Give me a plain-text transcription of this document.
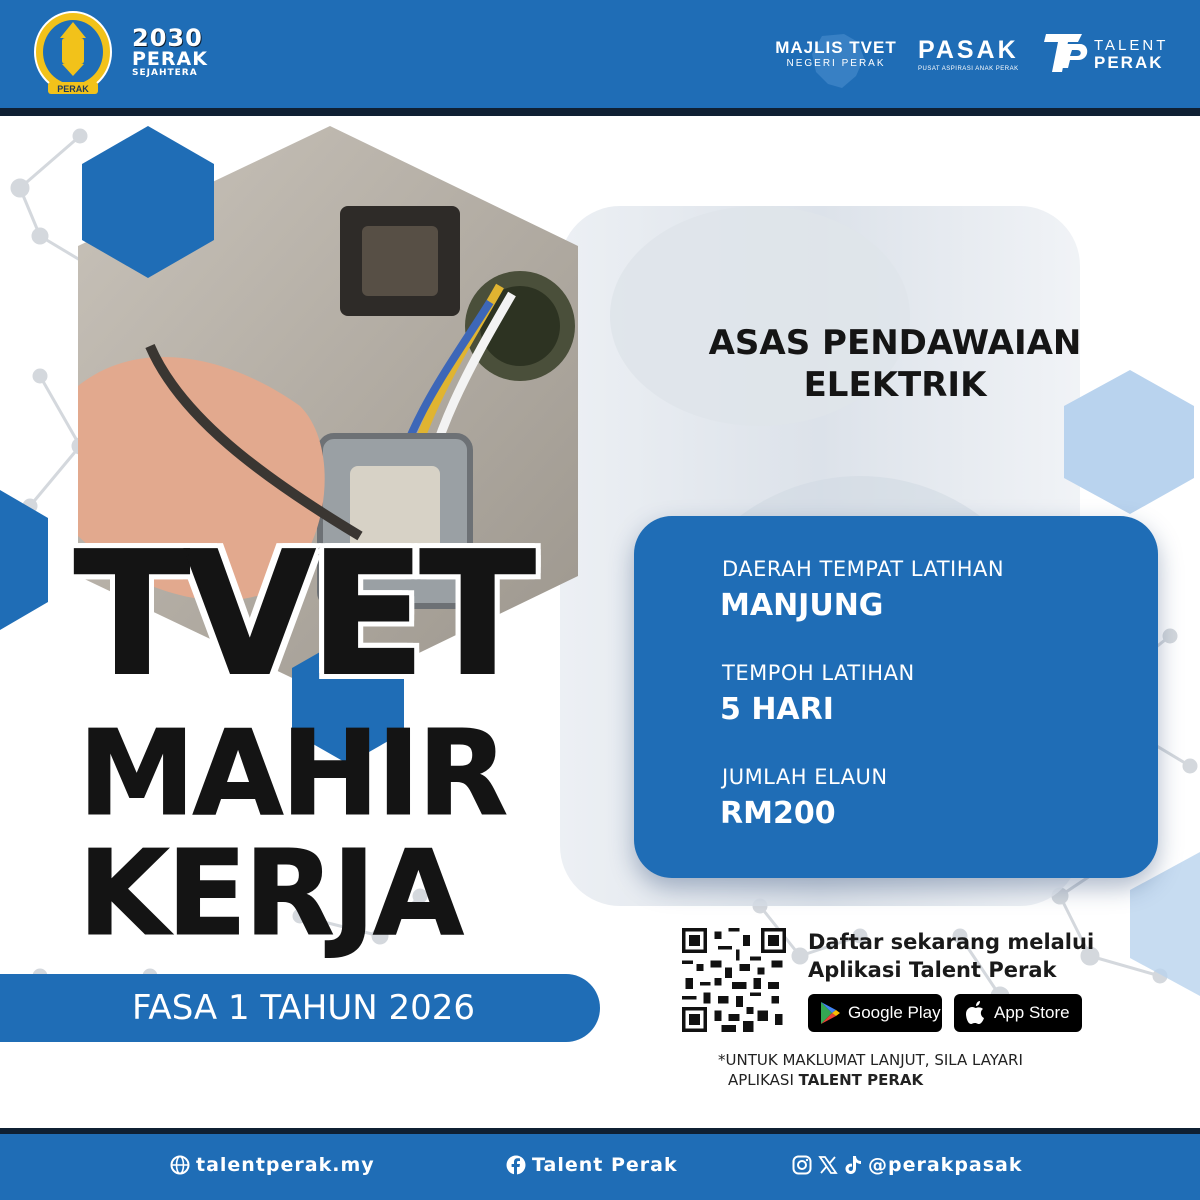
PERAK
2030
PERAK
SEJAHTERA
MAJLIS TVET
NEGERI PERAK	PASAK
PUSAT ASPIRASI ANAK PERAK
TALENT
PERAK
ASAS PENDAWAIAN
ELEKTRIK
DAERAH TEMPAT LATIHAN
MANJUNG
TEMPOH LATIHAN
5 HARI
JUMLAH ELAUN
RM200
TVET
MAHIR
KERJA
FASA 1 TAHUN 2026
Daftar sekarang melalui
Aplikasi Talent Perak
Google Play	App Store
*UNTUK MAKLUMAT LANJUT, SILA LAYARI
APLIKASI TALENT PERAK
talentperak.my	Talent Perak	@perakpasak
